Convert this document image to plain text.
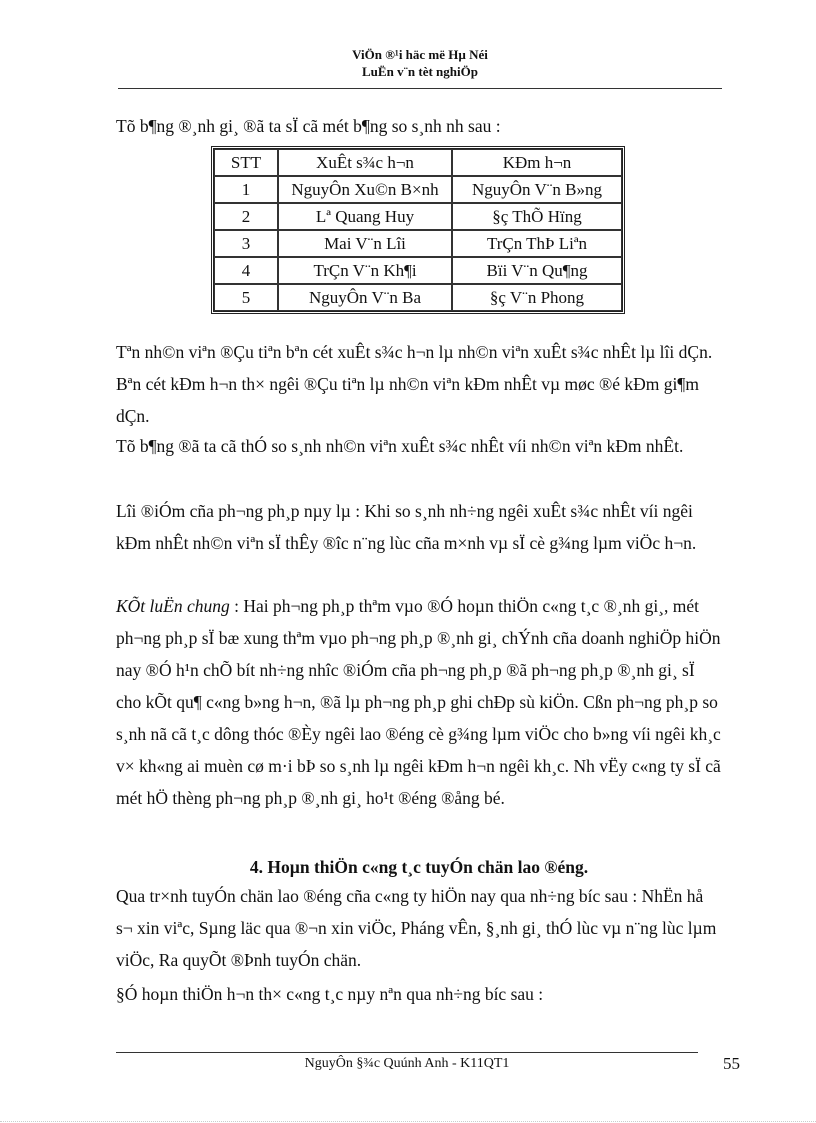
ViÖn ®¹i häc më Hµ Néi
LuËn v¨n tèt nghiÖp
Tõ b¶ng ®¸nh gi¸ ®ã ta sÏ cã mét b¶ng so s¸nh nh sau :
STT	XuÊt s¾c h¬n	KÐm h¬n
1	NguyÔn Xu©n B×nh	NguyÔn V¨n B»ng
2	Lª Quang Huy	§ç ThÕ Hïng
3	Mai V¨n Lîi	TrÇn ThÞ Liªn
4	TrÇn V¨n Kh¶i	Bïi V¨n Qu¶ng
5	NguyÔn V¨n Ba	§ç V¨n Phong
Tªn nh©n viªn ®Çu tiªn bªn cét xuÊt s¾c h¬n lµ nh©n viªn xuÊt s¾c nhÊt lµ lîi dÇn. Bªn cét kÐm h¬n th× ngêi ®Çu tiªn lµ nh©n viªn kÐm nhÊt vµ møc ®é kÐm gi¶m dÇn.
Tõ b¶ng ®ã ta cã thÓ so s¸nh nh©n viªn xuÊt s¾c nhÊt víi nh©n viªn kÐm nhÊt.
Lîi ®iÓm cña ph¬ng ph¸p nµy lµ : Khi so s¸nh nh÷ng ngêi xuÊt s¾c nhÊt víi ngêi kÐm nhÊt nh©n viªn sÏ thÊy ®îc n¨ng lùc cña m×nh vµ sÏ cè g¾ng lµm viÖc h¬n.
KÕt luËn chung : Hai ph¬ng ph¸p thªm vµo ®Ó hoµn thiÖn c«ng t¸c ®¸nh gi¸, mét ph¬ng ph¸p sÏ bæ xung thªm vµo ph¬ng ph¸p ®¸nh gi¸ chÝnh cña doanh nghiÖp hiÖn nay ®Ó h¹n chÕ bít nh÷ng nhîc ®iÓm cña ph¬ng ph¸p ®ã ph¬ng ph¸p ®¸nh gi¸ sÏ cho kÕt qu¶ c«ng b»ng h¬n, ®ã lµ ph¬ng ph¸p ghi chÐp sù kiÖn. Cßn ph¬ng ph¸p so s¸nh nã cã t¸c dông thóc ®Èy ngêi lao ®éng cè g¾ng lµm viÖc cho b»ng víi ngêi kh¸c v× kh«ng ai muèn cø m·i bÞ so s¸nh lµ ngêi kÐm h¬n ngêi kh¸c. Nh vËy c«ng ty sÏ cã mét hÖ thèng ph¬ng ph¸p ®¸nh gi¸ ho¹t ®éng ®ång bé.
4. Hoµn thiÖn c«ng t¸c tuyÓn chän lao ®éng.
Qua tr×nh tuyÓn chän lao ®éng cña c«ng ty hiÖn nay qua nh÷ng bíc sau : NhËn hå s¬ xin viªc, Sµng läc qua ®¬n xin viÖc, Pháng vÊn, §¸nh gi¸ thÓ lùc vµ n¨ng lùc lµm viÖc, Ra quyÕt ®Þnh tuyÓn chän.
§Ó hoµn thiÖn h¬n th× c«ng t¸c nµy nªn qua nh÷ng bíc sau :
NguyÔn §¾c Quúnh Anh - K11QT1	55
